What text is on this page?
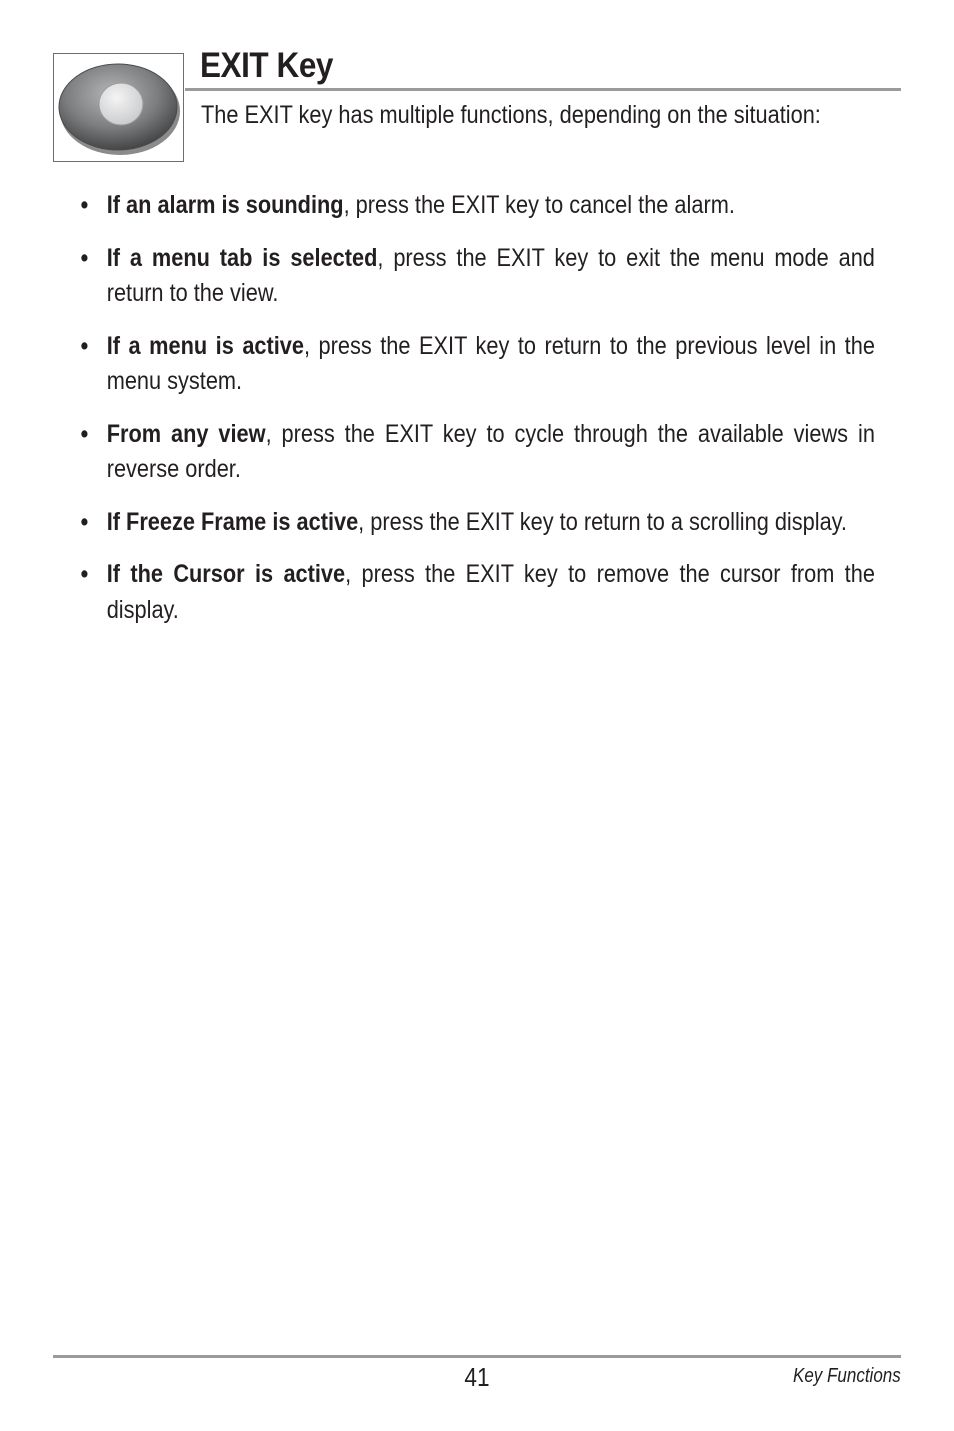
EXIT Key

The EXIT key has multiple functions, depending on the situation:

• If an alarm is sounding, press the EXIT key to cancel the alarm.
• If a menu tab is selected, press the EXIT key to exit the menu mode and return to the view.
• If a menu is active, press the EXIT key to return to the previous level in the menu system.
• From any view, press the EXIT key to cycle through the available views in reverse order.
• If Freeze Frame is active, press the EXIT key to return to a scrolling display.
• If the Cursor is active, press the EXIT key to remove the cursor from the display.

41	Key Functions
